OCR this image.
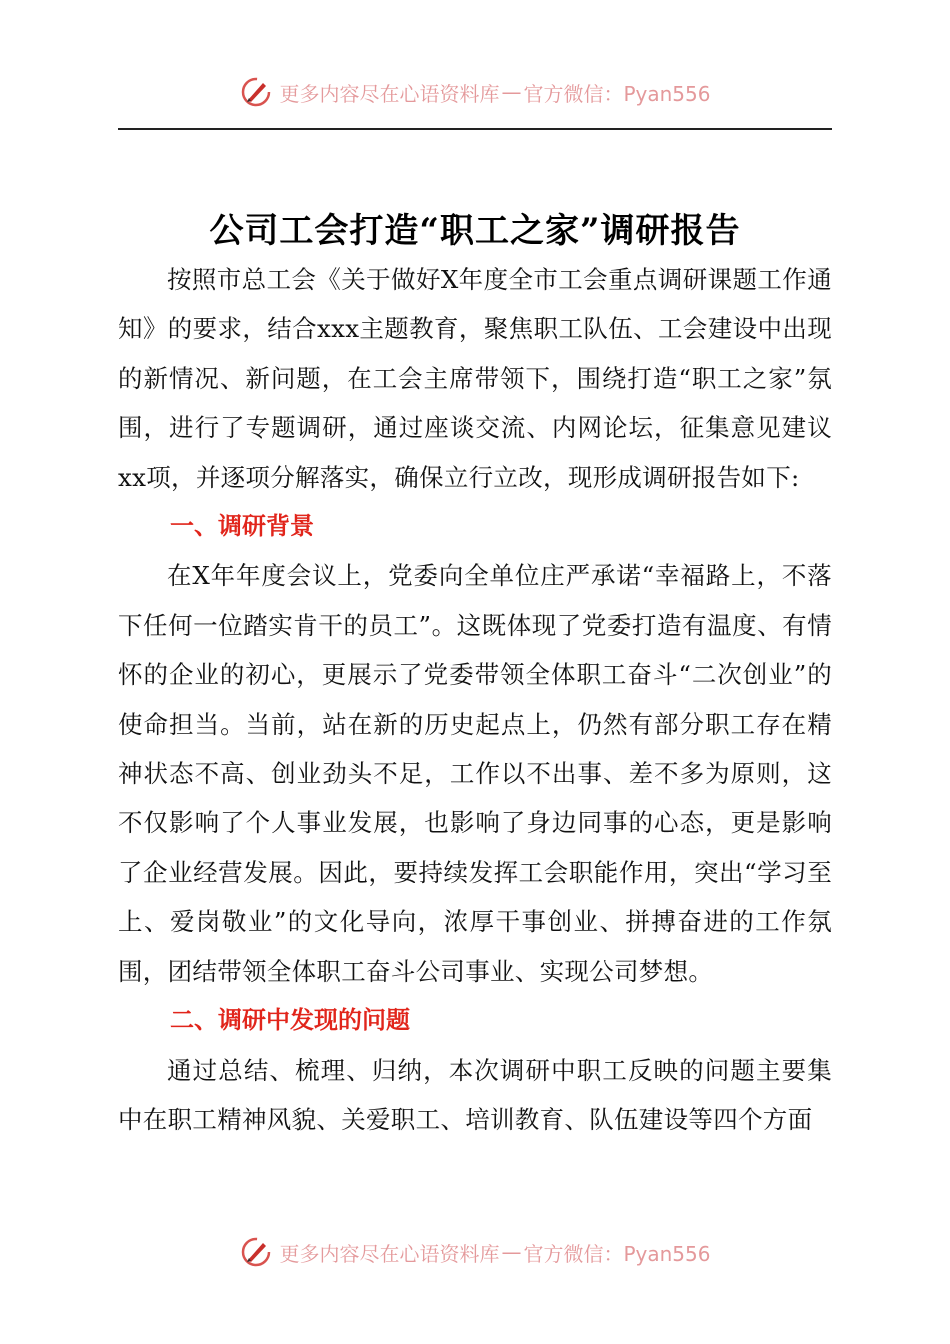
更多内容尽在心语资料库 — 官方微信：Pyan556
公司工会打造“职工之家”调研报告

按照市总工会《关于做好X年度全市工会重点调研课题工作通知》的要求，结合xxx主题教育，聚焦职工队伍、工会建设中出现的新情况、新问题，在工会主席带领下，围绕打造“职工之家”氛围，进行了专题调研，通过座谈交流、内网论坛，征集意见建议xx项，并逐项分解落实，确保立行立改，现形成调研报告如下:

一、调研背景

在X年年度会议上，党委向全单位庄严承诺“幸福路上，不落下任何一位踏实肯干的员工”。这既体现了党委打造有温度、有情怀的企业的初心，更展示了党委带领全体职工奋斗“二次创业”的使命担当。当前，站在新的历史起点上，仍然有部分职工存在精神状态不高、创业劲头不足，工作以不出事、差不多为原则，这不仅影响了个人事业发展，也影响了身边同事的心态，更是影响了企业经营发展。因此，要持续发挥工会职能作用，突出“学习至上、爱岗敬业”的文化导向，浓厚干事创业、拼搏奋进的工作氛围，团结带领全体职工奋斗公司事业、实现公司梦想。

二、调研中发现的问题

通过总结、梳理、归纳，本次调研中职工反映的问题主要集中在职工精神风貌、关爱职工、培训教育、队伍建设等四个方面

更多内容尽在心语资料库 — 官方微信：Pyan556
